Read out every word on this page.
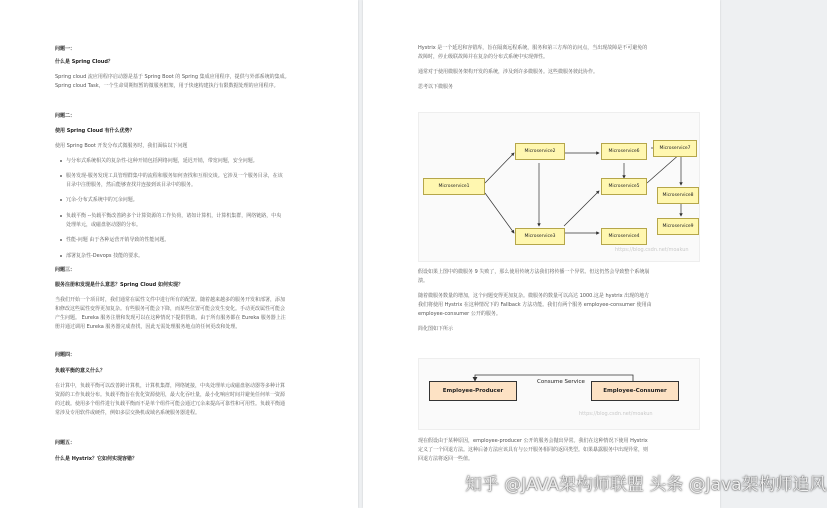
问题一：
什么是 Spring Cloud？
Spring cloud 流应用程序启动器是基于 Spring Boot 的 Spring 集成应用程序，提供与外部系统的集成。
Spring cloud Task，一个生命周期短暂的微服务框架，用于快速构建执行有限数据处理的应用程序。
问题二：
使用 Spring Cloud 有什么优势？
使用 Spring Boot 开发分布式微服务时，我们面临以下问题
与分布式系统相关的复杂性-这种开销包括网络问题，延迟开销，带宽问题，安全问题。
服务发现-服务发现工具管理群集中的流程和服务如何查找和互相交谈。它涉及一个服务目录，在该
目录中注册服务，然后能够查找并连接到该目录中的服务。
冗余-分布式系统中的冗余问题。
负载平衡 --负载平衡改善跨多个计算资源的工作负荷，诸如计算机，计算机集群，网络链路，中央
处理单元，或磁盘驱动器的分布。
性能-问题 由于各种运营开销导致的性能问题。
部署复杂性-Devops 技能的要求。
问题三：
服务注册和发现是什么意思？Spring Cloud 如何实现？
当我们开始一个项目时，我们通常在属性文件中进行所有的配置。随着越来越多的服务开发和部署，添加
和修改这些属性变得更加复杂。有些服务可能会下降，而某些位置可能会发生变化。手动更改属性可能会
产生问题。 Eureka 服务注册和发现可以在这种情况下提供帮助。由于所有服务都在 Eureka 服务器上注
册并通过调用 Eureka 服务器完成查找，因此无需处理服务地点的任何更改和处理。
问题四：
负载平衡的意义什么？
在计算中，负载平衡可以改善跨计算机，计算机集群，网络链接，中央处理单元或磁盘驱动器等多种计算
资源的工作负载分布。负载平衡旨在优化资源使用，最大化吞吐量，最小化响应时间并避免任何单一资源
的过载。使用多个组件进行负载平衡而不是单个组件可能会通过冗余来提高可靠性和可用性。负载平衡通
常涉及专用软件或硬件，例如多层交换机或域名系统服务器进程。
问题五：
什么是 Hystrix？它如何实现容错？
Hystrix 是一个延迟和容错库，旨在隔离远程系统，服务和第三方库的访问点，当出现故障是不可避免的
故障时，停止级联故障并在复杂的分布式系统中实现弹性。
通常对于使用微服务架构开发的系统，涉及到许多微服务。这些微服务彼此协作。
思考以下微服务
Microservice1
Microservice2
Microservice3	Microservice4
Microservice5
Microservice6
Microservice7
Microservice8
Microservice9
https://blog.csdn.net/moakun
假设如果上图中的微服务 9 失败了，那么使用传统方法我们将传播一个异常。但这仍然会导致整个系统崩
溃。
随着微服务数量的增加，这个问题变得更加复杂。微服务的数量可以高达 1000.这是 hystrix 出现的地方
我们将使用 Hystrix 在这种情况下的 Fallback 方法功能。我们有两个服务 employee-consumer 使用由
employee-consumer 公开的服务。
简化图如下所示
Consume Service
Employee-Producer	Employee-Consumer
https://blog.csdn.net/moakun
现在假设由于某种原因，employee-producer 公开的服务会抛出异常。我们在这种情况下使用 Hystrix
定义了一个回退方法。这种后备方法应该具有与公开服务相同的返回类型。如果暴露服务中出现异常，则
回退方法将返回一些值。
知乎 @JAVA架构师联盟 头条 @Java架构师追风
